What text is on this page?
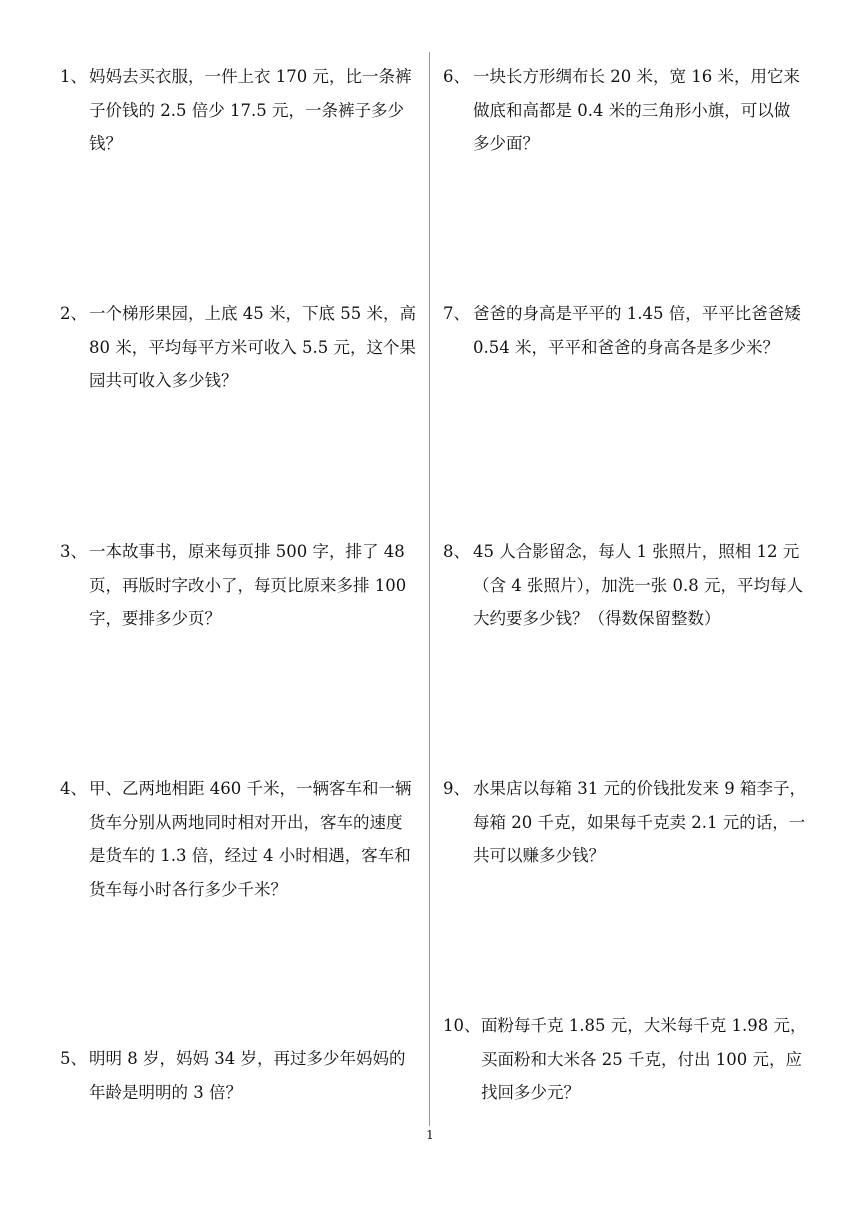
1、 妈妈去买衣服，一件上衣 170 元，比一条裤
子价钱的 2.5 倍少 17.5 元，一条裤子多少
钱？
2、 一个梯形果园，上底 45 米，下底 55 米，高
80 米，平均每平方米可收入 5.5 元，这个果
园共可收入多少钱？
3、 一本故事书，原来每页排 500 字，排了 48
页，再版时字改小了，每页比原来多排 100
字，要排多少页？
4、 甲、乙两地相距 460 千米，一辆客车和一辆
货车分别从两地同时相对开出，客车的速度
是货车的 1.3 倍，经过 4 小时相遇，客车和
货车每小时各行多少千米？
5、 明明 8 岁，妈妈 34 岁，再过多少年妈妈的
年龄是明明的 3 倍？
6、 一块长方形绸布长 20 米，宽 16 米，用它来
做底和高都是 0.4 米的三角形小旗，可以做
多少面？
7、 爸爸的身高是平平的 1.45 倍，平平比爸爸矮
0.54 米，平平和爸爸的身高各是多少米？
8、 45 人合影留念，每人 1 张照片，照相 12 元
（含 4 张照片），加洗一张 0.8 元，平均每人
大约要多少钱？（得数保留整数）
9、 水果店以每箱 31 元的价钱批发来 9 箱李子，
每箱 20 千克，如果每千克卖 2.1 元的话，一
共可以赚多少钱？
10、 面粉每千克 1.85 元，大米每千克 1.98 元，
买面粉和大米各 25 千克，付出 100 元，应
找回多少元？
1
